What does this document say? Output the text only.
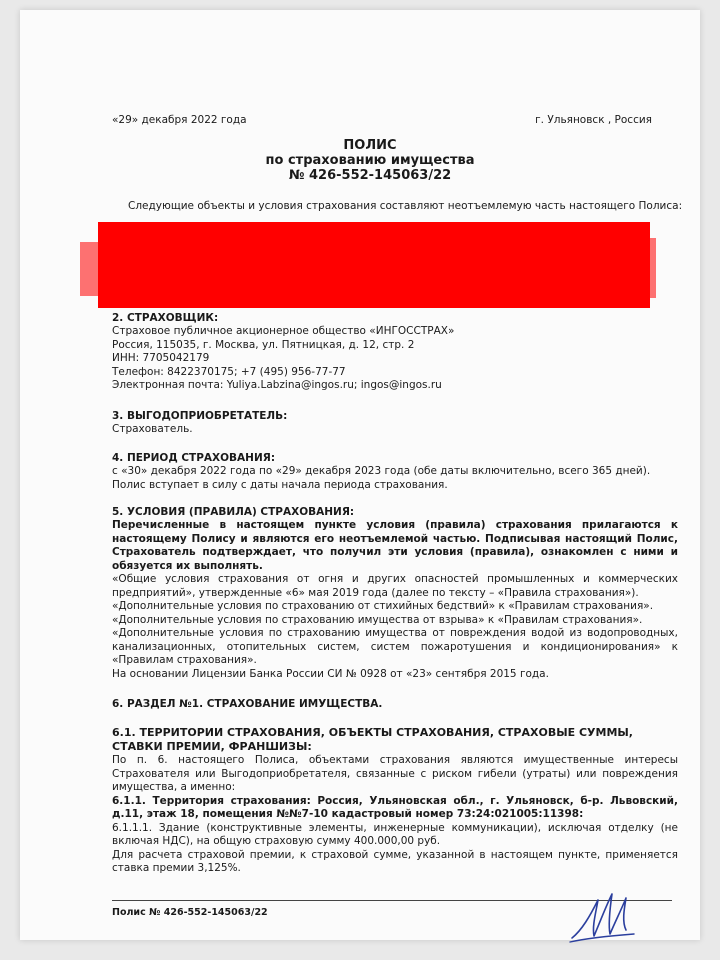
«29» декабря 2022 года	г. Ульяновск , Россия
ПОЛИС
по страхованию имущества
№ 426-552-145063/22
Следующие объекты и условия страхования составляют неотъемлемую часть настоящего Полиса:

2. СТРАХОВЩИК:

Страховое публичное акционерное общество «ИНГОССТРАХ»

Россия, 115035, г. Москва, ул. Пятницкая, д. 12, стр. 2

ИНН: 7705042179

Телефон: 8422370175; +7 (495) 956-77-77

Электронная почта: Yuliya.Labzina@ingos.ru; ingos@ingos.ru

3. ВЫГОДОПРИОБРЕТАТЕЛЬ:

Страхователь.

4. ПЕРИОД СТРАХОВАНИЯ:

с «30» декабря 2022 года по «29» декабря 2023 года (обе даты включительно, всего 365 дней).

Полис вступает в силу с даты начала периода страхования.

5. УСЛОВИЯ (ПРАВИЛА) СТРАХОВАНИЯ:

Перечисленные в настоящем пункте условия (правила) страхования прилагаются к настоящему Полису и являются его неотъемлемой частью. Подписывая настоящий Полис, Страхователь подтверждает, что получил эти условия (правила), ознакомлен с ними и обязуется их выполнять.

«Общие условия страхования от огня и других опасностей промышленных и коммерческих предприятий», утвержденные «6» мая 2019 года (далее по тексту – «Правила страхования»).

«Дополнительные условия по страхованию от стихийных бедствий» к «Правилам страхования».

«Дополнительные условия по страхованию имущества от взрыва» к «Правилам страхования».

«Дополнительные условия по страхованию имущества от повреждения водой из водопроводных, канализационных, отопительных систем, систем пожаротушения и кондиционирования» к «Правилам страхования».

На основании Лицензии Банка России СИ № 0928 от «23» сентября 2015 года.

6. РАЗДЕЛ №1. СТРАХОВАНИЕ ИМУЩЕСТВА.

6.1. ТЕРРИТОРИИ СТРАХОВАНИЯ, ОБЪЕКТЫ СТРАХОВАНИЯ, СТРАХОВЫЕ СУММЫ, СТАВКИ ПРЕМИИ, ФРАНШИЗЫ:

По п. 6. настоящего Полиса, объектами страхования являются имущественные интересы Страхователя или Выгодоприобретателя, связанные с риском гибели (утраты) или повреждения имущества, а именно:

6.1.1. Территория страхования: Россия, Ульяновская обл., г. Ульяновск, б-р. Львовский, д.11, этаж 18, помещения №№7-10 кадастровый номер 73:24:021005:11398:

6.1.1.1. Здание (конструктивные элементы, инженерные коммуникации), исключая отделку (не включая НДС), на общую страховую сумму 400.000,00 руб.

Для расчета страховой премии, к страховой сумме, указанной в настоящем пункте, применяется ставка премии 3,125%.

Полис № 426-552-145063/22
